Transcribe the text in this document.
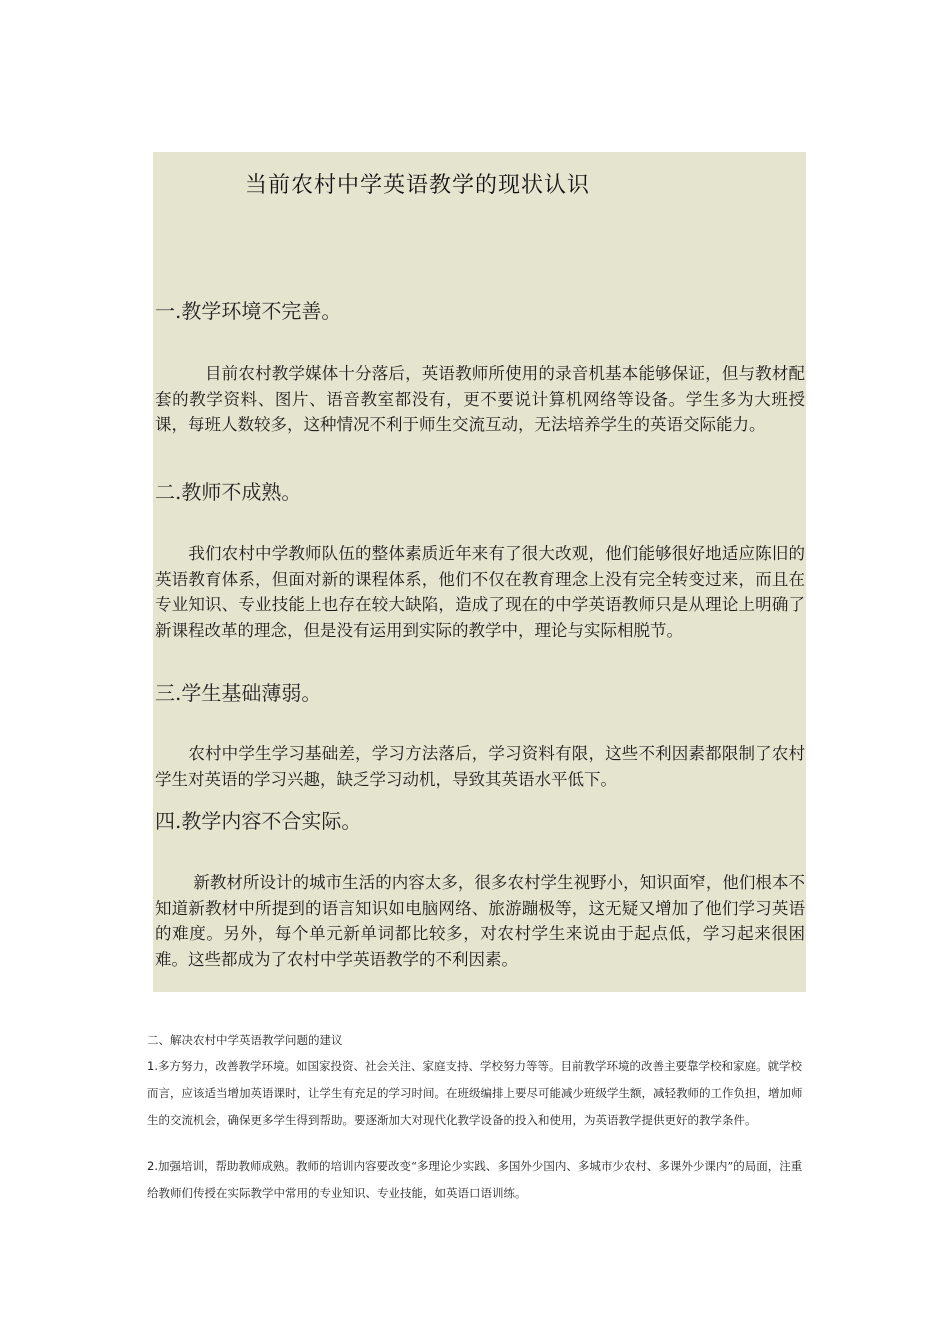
当前农村中学英语教学的现状认识
一.教学环境不完善。

　　　目前农村教学媒体十分落后，英语教师所使用的录音机基本能够保证，但与教材配套的教学资料、图片、语音教室都没有，更不要说计算机网络等设备。学生多为大班授课，每班人数较多，这种情况不利于师生交流互动，无法培养学生的英语交际能力。

二.教师不成熟。

　　我们农村中学教师队伍的整体素质近年来有了很大改观，他们能够很好地适应陈旧的英语教育体系，但面对新的课程体系，他们不仅在教育理念上没有完全转变过来，而且在专业知识、专业技能上也存在较大缺陷，造成了现在的中学英语教师只是从理论上明确了新课程改革的理念，但是没有运用到实际的教学中，理论与实际相脱节。

三.学生基础薄弱。

　　农村中学生学习基础差，学习方法落后，学习资料有限，这些不利因素都限制了农村学生对英语的学习兴趣，缺乏学习动机，导致其英语水平低下。

四.教学内容不合实际。

　　 新教材所设计的城市生活的内容太多，很多农村学生视野小，知识面窄，他们根本不知道新教材中所提到的语言知识如电脑网络、旅游蹦极等，这无疑又增加了他们学习英语的难度。另外，每个单元新单词都比较多，对农村学生来说由于起点低，学习起来很困难。这些都成为了农村中学英语教学的不利因素。

二、解决农村中学英语教学问题的建议

1.多方努力，改善教学环境。如国家投资、社会关注、家庭支持、学校努力等等。目前教学环境的改善主要靠学校和家庭。就学校而言，应该适当增加英语课时，让学生有充足的学习时间。在班级编排上要尽可能减少班级学生额，减轻教师的工作负担，增加师生的交流机会，确保更多学生得到帮助。要逐渐加大对现代化教学设备的投入和使用，为英语教学提供更好的教学条件。

2.加强培训，帮助教师成熟。教师的培训内容要改变“多理论少实践、多国外少国内、多城市少农村、多课外少课内”的局面，注重给教师们传授在实际教学中常用的专业知识、专业技能，如英语口语训练。
